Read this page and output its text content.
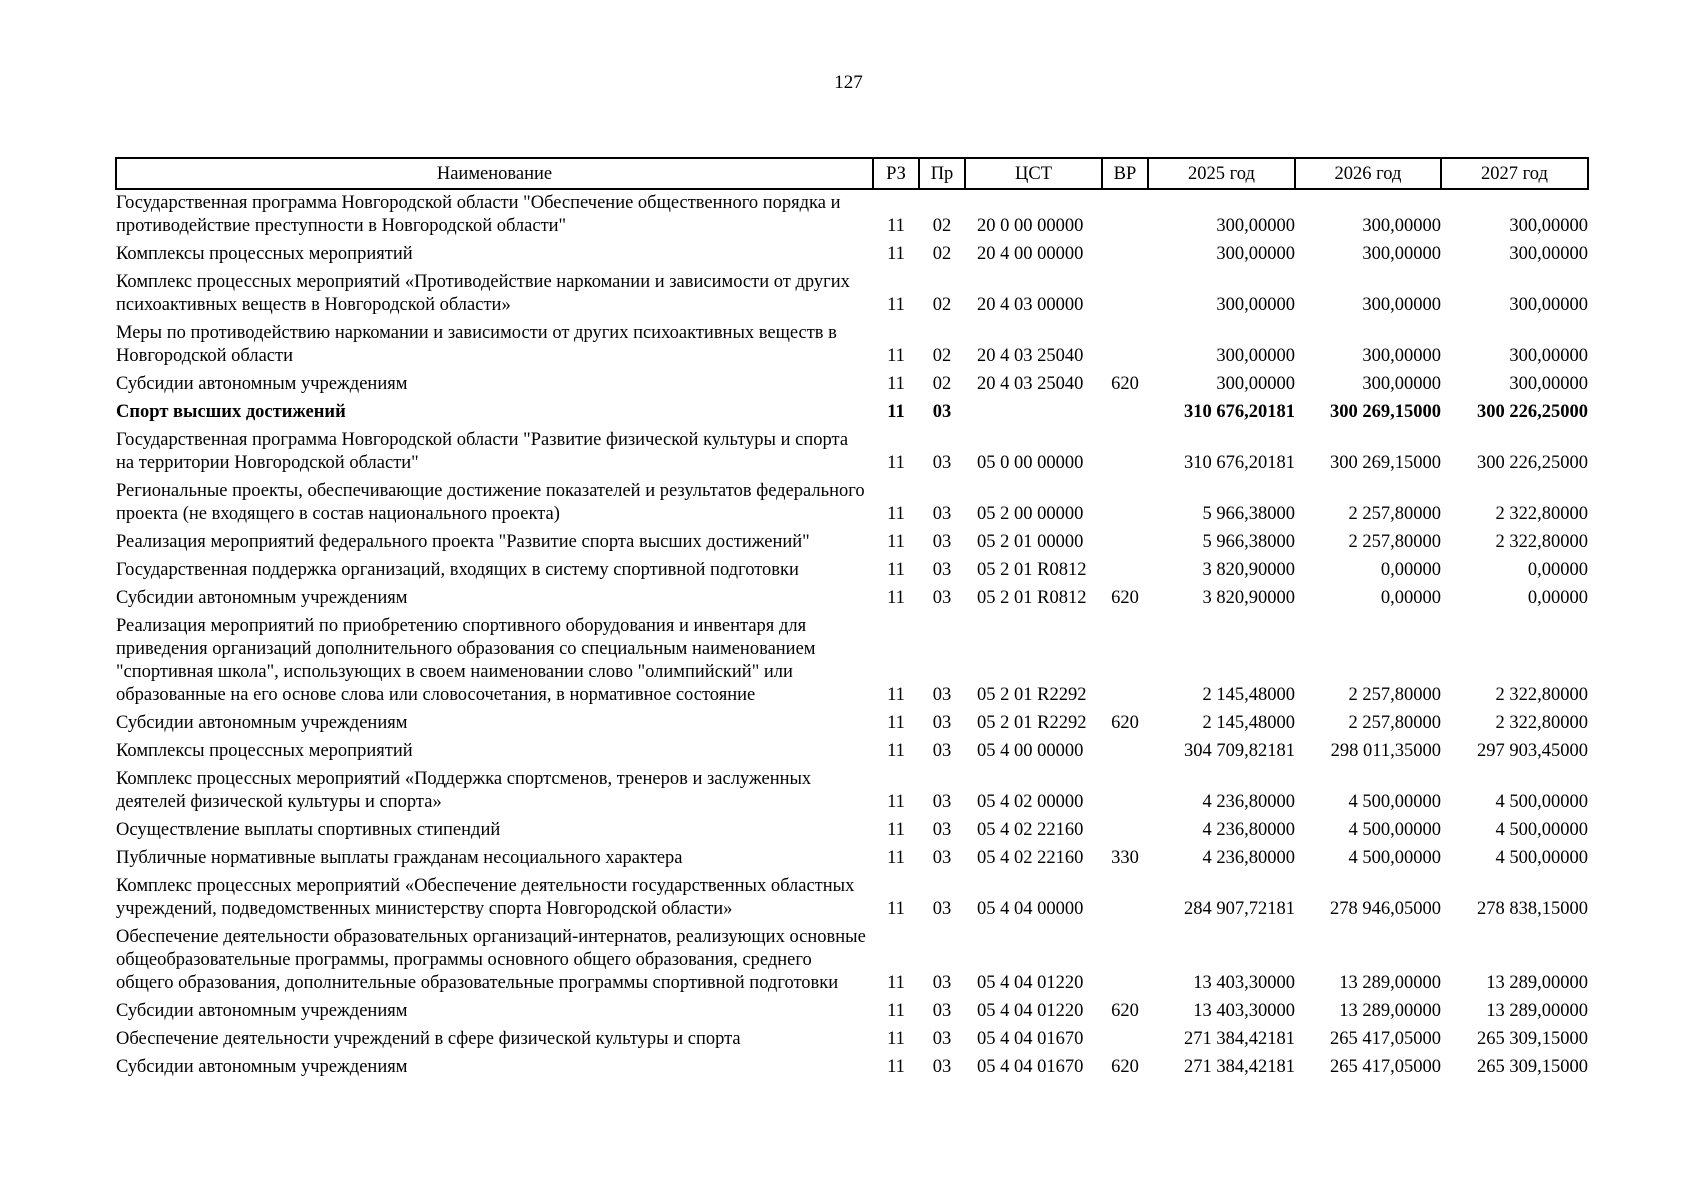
127
Наименование	РЗ	Пр	ЦСТ	ВР	2025 год	2026 год	2027 год
Государственная программа Новгородской области "Обеспечение общественного порядка и противодействие преступности в Новгородской области"	11	02	20 0 00 00000		300,00000	300,00000	300,00000
Комплексы процессных мероприятий	11	02	20 4 00 00000		300,00000	300,00000	300,00000
Комплекс процессных мероприятий «Противодействие наркомании и зависимости от других психоактивных веществ в Новгородской области»	11	02	20 4 03 00000		300,00000	300,00000	300,00000
Меры по противодействию наркомании и зависимости от других психоактивных веществ в Новгородской области	11	02	20 4 03 25040		300,00000	300,00000	300,00000
Субсидии автономным учреждениям	11	02	20 4 03 25040	620	300,00000	300,00000	300,00000
Спорт высших достижений	11	03			310 676,20181	300 269,15000	300 226,25000
Государственная программа Новгородской области "Развитие физической культуры и спорта на территории Новгородской области"	11	03	05 0 00 00000		310 676,20181	300 269,15000	300 226,25000
Региональные проекты, обеспечивающие достижение показателей и результатов федерального проекта (не входящего в состав национального проекта)	11	03	05 2 00 00000		5 966,38000	2 257,80000	2 322,80000
Реализация мероприятий федерального проекта "Развитие спорта высших достижений"	11	03	05 2 01 00000		5 966,38000	2 257,80000	2 322,80000
Государственная поддержка организаций, входящих в систему спортивной подготовки	11	03	05 2 01 R0812		3 820,90000	0,00000	0,00000
Субсидии автономным учреждениям	11	03	05 2 01 R0812	620	3 820,90000	0,00000	0,00000
Реализация мероприятий по приобретению спортивного оборудования и инвентаря для приведения организаций дополнительного образования со специальным наименованием "спортивная школа", использующих в своем наименовании слово "олимпийский" или образованные на его основе слова или словосочетания, в нормативное состояние	11	03	05 2 01 R2292		2 145,48000	2 257,80000	2 322,80000
Субсидии автономным учреждениям	11	03	05 2 01 R2292	620	2 145,48000	2 257,80000	2 322,80000
Комплексы процессных мероприятий	11	03	05 4 00 00000		304 709,82181	298 011,35000	297 903,45000
Комплекс процессных мероприятий «Поддержка спортсменов, тренеров и заслуженных деятелей физической культуры и спорта»	11	03	05 4 02 00000		4 236,80000	4 500,00000	4 500,00000
Осуществление выплаты спортивных стипендий	11	03	05 4 02 22160		4 236,80000	4 500,00000	4 500,00000
Публичные нормативные выплаты гражданам несоциального характера	11	03	05 4 02 22160	330	4 236,80000	4 500,00000	4 500,00000
Комплекс процессных мероприятий «Обеспечение деятельности государственных областных учреждений, подведомственных министерству спорта Новгородской области»	11	03	05 4 04 00000		284 907,72181	278 946,05000	278 838,15000
Обеспечение деятельности образовательных организаций-интернатов, реализующих основные общеобразовательные программы, программы основного общего образования, среднего общего образования, дополнительные образовательные программы спортивной подготовки	11	03	05 4 04 01220		13 403,30000	13 289,00000	13 289,00000
Субсидии автономным учреждениям	11	03	05 4 04 01220	620	13 403,30000	13 289,00000	13 289,00000
Обеспечение деятельности учреждений в сфере физической культуры и спорта	11	03	05 4 04 01670		271 384,42181	265 417,05000	265 309,15000
Субсидии автономным учреждениям	11	03	05 4 04 01670	620	271 384,42181	265 417,05000	265 309,15000
